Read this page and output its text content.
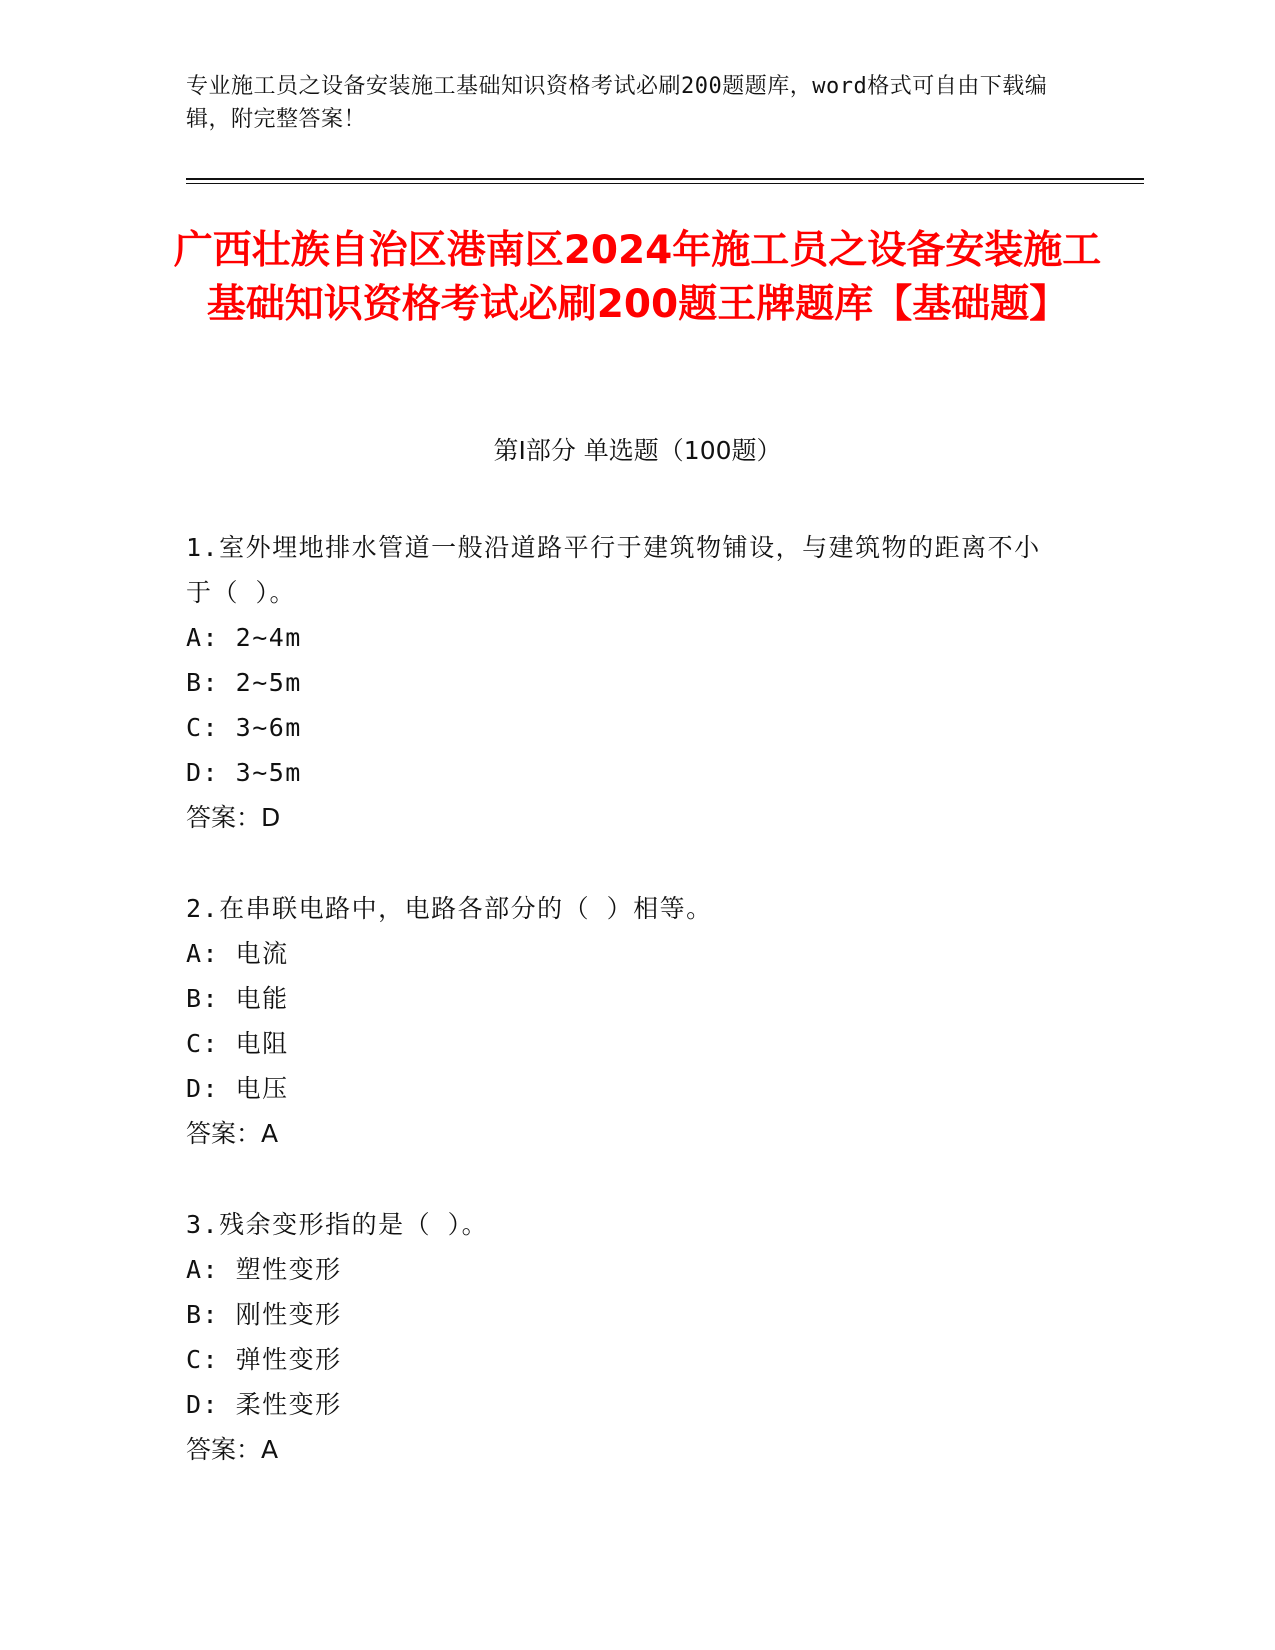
专业施工员之设备安装施工基础知识资格考试必刷200题题库，word格式可自由下载编辑，附完整答案！
广西壮族自治区港南区2024年施工员之设备安装施工基础知识资格考试必刷200题王牌题库【基础题】
第I部分 单选题（100题）
1.室外埋地排水管道一般沿道路平行于建筑物铺设，与建筑物的距离不小于（ ）。
A: 2~4m
B: 2~5m
C: 3~6m
D: 3~5m
答案：D
2.在串联电路中，电路各部分的（ ）相等。
A: 电流
B: 电能
C: 电阻
D: 电压
答案：A
3.残余变形指的是（ ）。
A: 塑性变形
B: 刚性变形
C: 弹性变形
D: 柔性变形
答案：A
